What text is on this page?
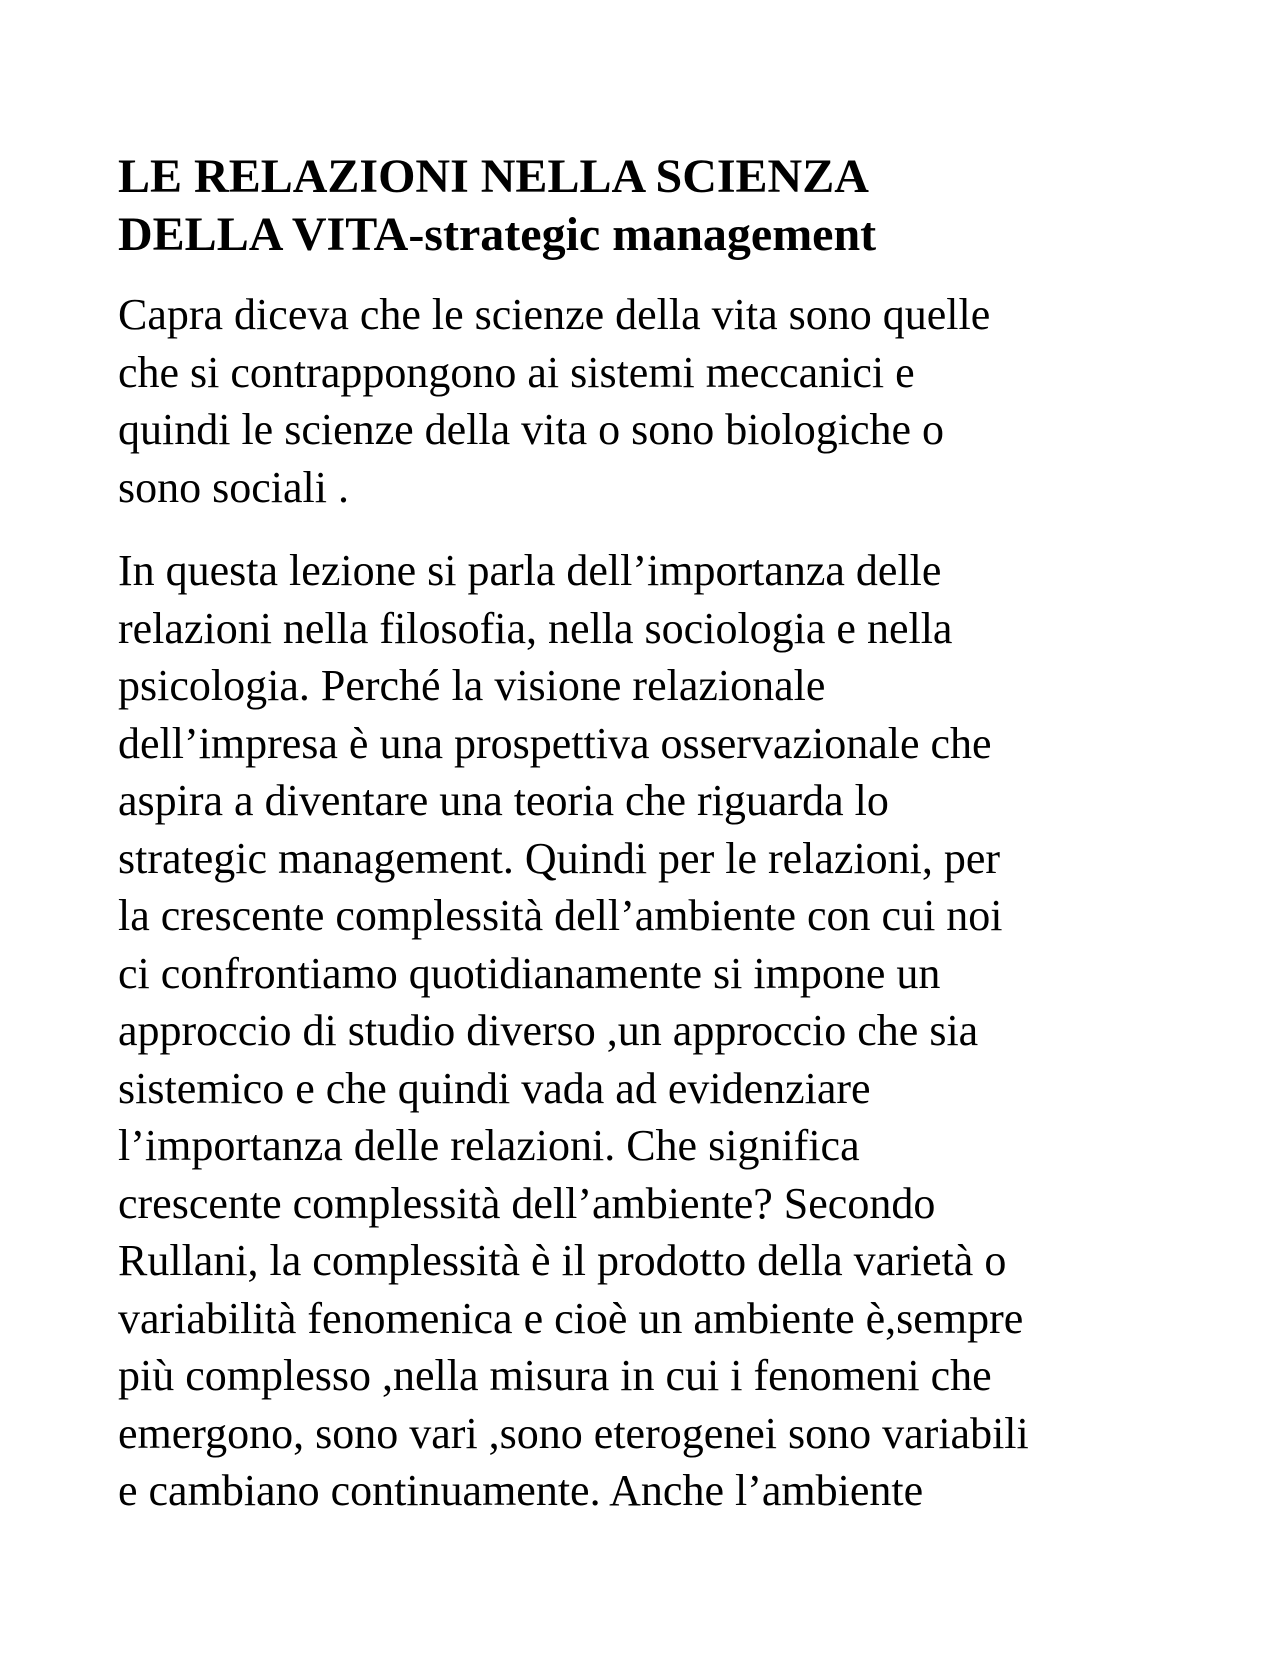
LE RELAZIONI NELLA SCIENZA
DELLA VITA-strategic management

Capra diceva che le scienze della vita sono quelle
che si contrappongono ai sistemi meccanici e
quindi le scienze della vita o sono biologiche o
sono sociali .

In questa lezione si parla dell’importanza delle
relazioni nella filosofia, nella sociologia e nella
psicologia. Perché la visione relazionale
dell’impresa è una prospettiva osservazionale che
aspira a diventare una teoria che riguarda lo
strategic management. Quindi per le relazioni, per
la crescente complessità dell’ambiente con cui noi
ci confrontiamo quotidianamente si impone un
approccio di studio diverso ,un approccio che sia
sistemico e che quindi vada ad evidenziare
l’importanza delle relazioni. Che significa
crescente complessità dell’ambiente? Secondo
Rullani, la complessità è il prodotto della varietà o
variabilità fenomenica e cioè un ambiente è,sempre
più complesso ,nella misura in cui i fenomeni che
emergono, sono vari ,sono eterogenei sono variabili
e cambiano continuamente. Anche l’ambiente
